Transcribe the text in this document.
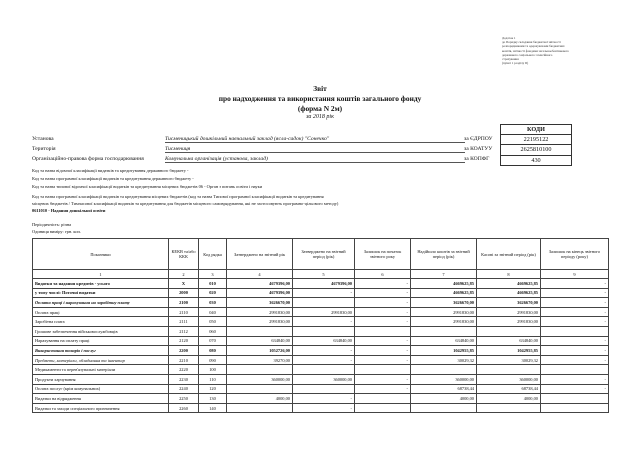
Додаток 1
до Порядку складання бюджетної звітності
розпорядниками та одержувачами бюджетних
коштів, звітності фондами загальнообов'язкового
державного соціального і пенсійного
страхування
(пункт 1 розділу II)
Звіт
про надходження та використання коштів загального фонду
(форма N 2м)
за 2018 рік
КОДИ
22195122
2625810100
430
Установа	Тисменицький дошкільний навчальний заклад (ясла-садок) "Сонечко"	за ЄДРПОУ
Територія	Тисмениця	за КОАТУУ
Організаційно-правова форма господарювання	Комунальна організація (установа, заклад)	за КОПФГ
Код та назва відомчої класифікації видатків та кредитування державного бюджету -
Код та назва програмної класифікації видатків та кредитування державного бюджету -
Код та назва типової відомчої класифікації видатків та кредитування місцевих бюджетів 06 - Орган з питань освіти і науки
Код та назва програмної класифікації видатків та кредитування місцевих бюджетів (код та назва Типової програмної класифікації видатків та кредитування
місцевих бюджетів / Тимчасової класифікації видатків та кредитування для бюджетів місцевого самоврядування, які не застосовують програмно-цільового методу)
0611010 - Надання дошкільної освіти
Періодичність: річна
Одиниця виміру: грн. коп.
Показники	КЕКВ та/або ККК	Код рядка	Затверджено на звітний рік	Затверджено на звітний період (рік)	Залишок на початок звітного року	Надійшло коштів за звітний період (рік)	Касові за звітний період (рік)	Залишок на кінець звітного періоду (року)
1	2	3	4	5	6	7	8	9
Видатки та надання кредитів - усього	X	010	4679396,00	4679396,00	-	4669625,85	4669625,85	-
у тому числі: Поточні видатки	2000	020	4679396,00	-	-	4669625,85	4669625,85	-
Оплата праці і нарахування на заробітну плату	2100	030	3626670,00		-	3626670,00	3626670,00	-
Оплата праці	2110	040	2991830,00	2991830,00	-	2991830,00	2991830,00	-
Заробітна плата	2111	050	2991830,00	-	-	2991830,00	2991830,00	-
Грошове забезпечення військовослужбовців	2112	060						
Нарахування на оплату праці	2120	070	634840,00	634840,00	-	634840,00	634840,00	-
Використання товарів і послуг	2200	080	1052726,00	-	-	1042955,85	1042955,85	-
Предмети, матеріали, обладнання та інвентар	2210	090	39270,00	-	-	30029,32	30029,32	-
Медикаменти та перев'язувальні матеріали	2220	100						
Продукти харчування	2230	110	360000,00	360000,00	-	360000,00	360000,00	-
Оплата послуг (крім комунальних)	2240	120			-	68738,44	68738,44	-
Видатки на відрядження	2250	130	4000,00	-		4000,00	4000,00	
Видатки та заходи спеціального призначення	2260	140		-				
